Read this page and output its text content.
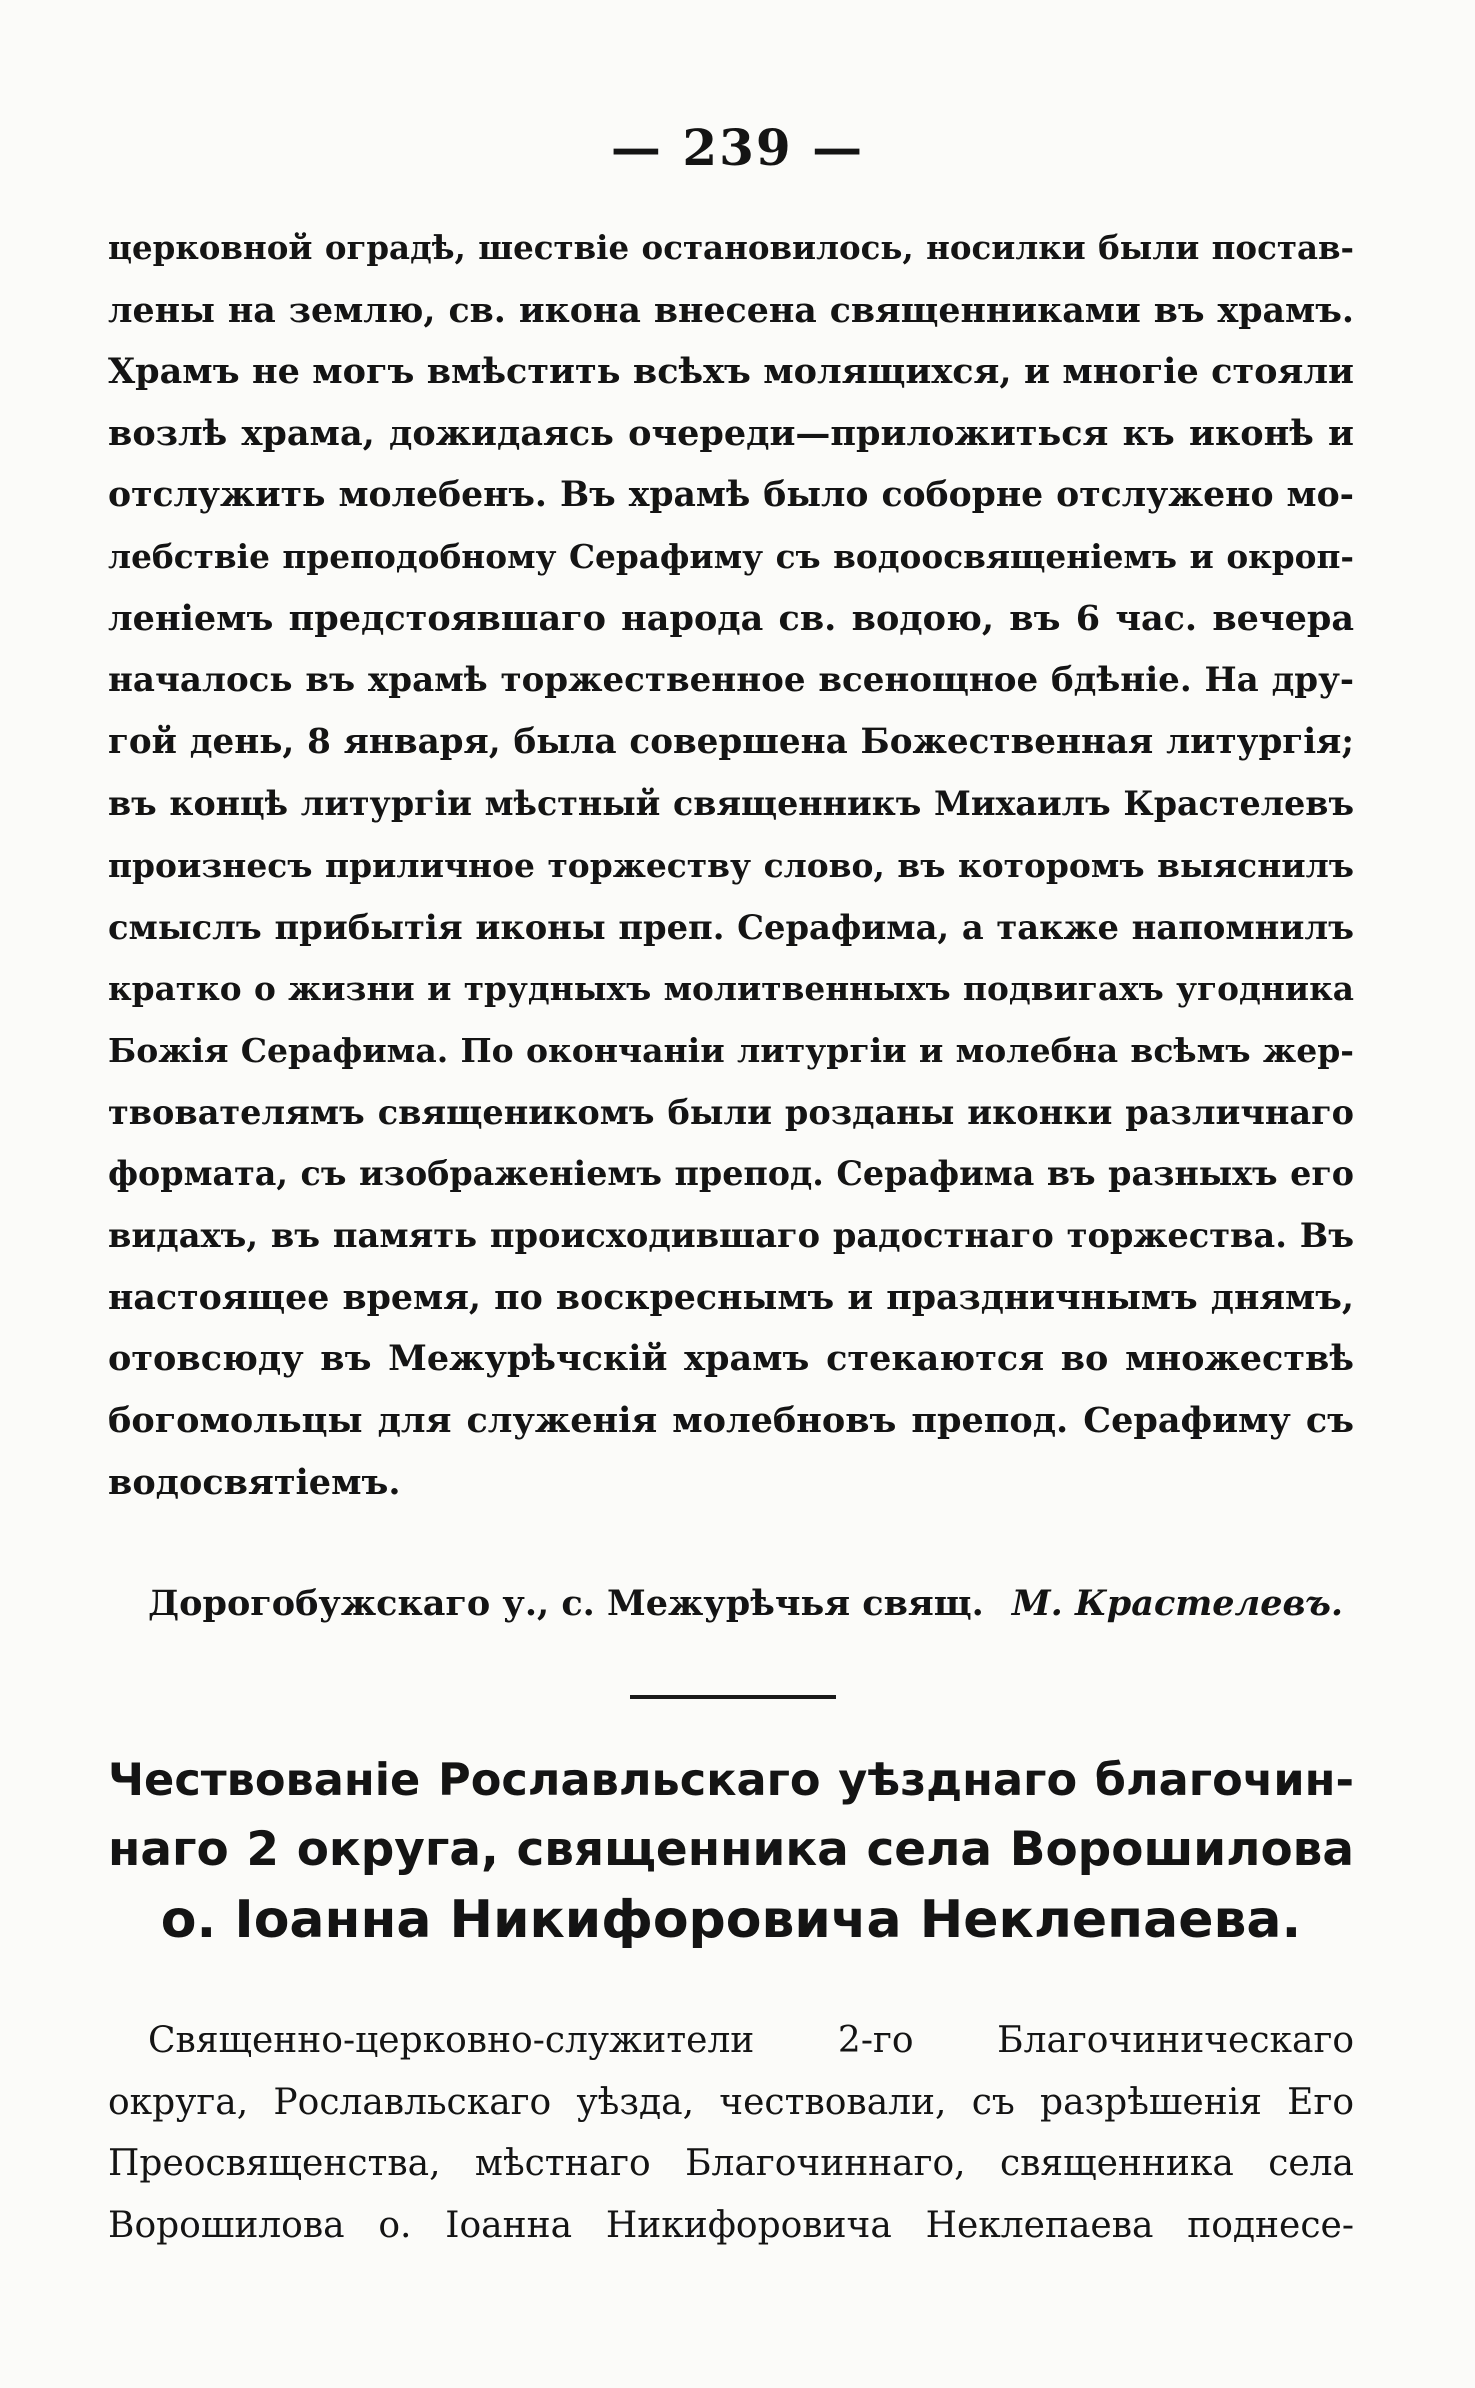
— 239 —
церковной оградѣ, шествіе остановилось, носилки были постав-
лены на землю, св. икона внесена священниками въ храмъ.
Храмъ не могъ вмѣстить всѣхъ молящихся, и многіе стояли
возлѣ храма, дожидаясь очереди—приложиться къ иконѣ и
отслужить молебенъ. Въ храмѣ было соборне отслужено мо-
лебствіе преподобному Серафиму съ водоосвященіемъ и окроп-
леніемъ предстоявшаго народа св. водою, въ 6 час. вечера
началось въ храмѣ торжественное всенощное бдѣніе. На дру-
гой день, 8 января, была совершена Божественная литургія;
въ концѣ литургіи мѣстный священникъ Михаилъ Крастелевъ
произнесъ приличное торжеству слово, въ которомъ выяснилъ
смыслъ прибытія иконы преп. Серафима, а также напомнилъ
кратко о жизни и трудныхъ молитвенныхъ подвигахъ угодника
Божія Серафима. По окончаніи литургіи и молебна всѣмъ жер-
твователямъ священикомъ были розданы иконки различнаго
формата, съ изображеніемъ препод. Серафима въ разныхъ его
видахъ, въ память происходившаго радостнаго торжества. Въ
настоящее время, по воскреснымъ и праздничнымъ днямъ,
отовсюду въ Межурѣчскій храмъ стекаются во множествѣ
богомольцы для служенія молебновъ препод. Серафиму съ
водосвятіемъ.
Дорогобужскаго у., с. Межурѣчья свящ. М. Крастелевъ.
Чествованіе Рославльскаго уѣзднаго благочин-
наго 2 округа, священника села Ворошилова
о. Іоанна Никифоровича Неклепаева.
Священно-церковно-служители 2-го Благочиническаго
округа, Рославльскаго уѣзда, чествовали, съ разрѣшенія Его
Преосвященства, мѣстнаго Благочиннаго, священника села
Ворошилова о. Іоанна Никифоровича Неклепаева поднесе-
